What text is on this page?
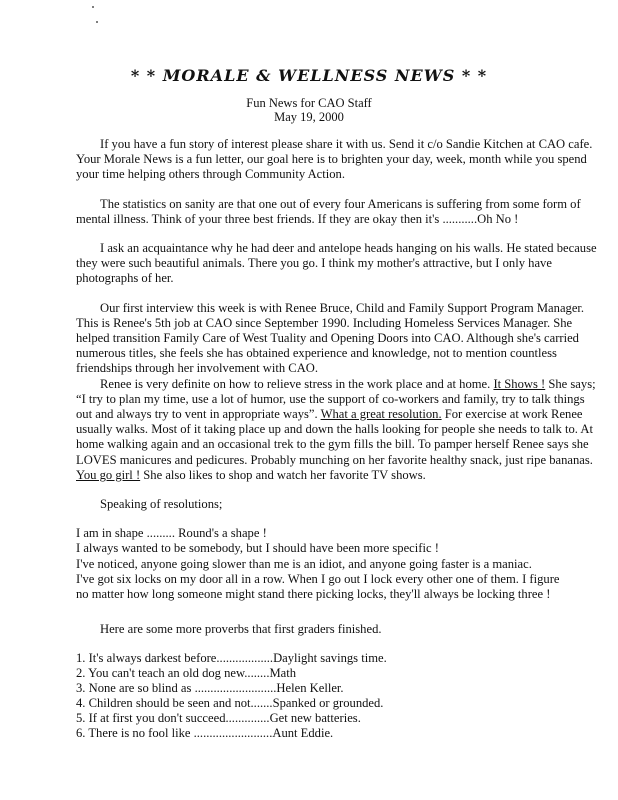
* * MORALE & WELLNESS NEWS * *
Fun News for CAO Staff
May 19, 2000

If you have a fun story of interest please share it with us. Send it c/o Sandie Kitchen at CAO cafe. Your Morale News is a fun letter, our goal here is to brighten your day, week, month while you spend your time helping others through Community Action.

The statistics on sanity are that one out of every four Americans is suffering from some form of mental illness. Think of your three best friends. If they are okay then it's ...........Oh No !

I ask an acquaintance why he had deer and antelope heads hanging on his walls. He stated because they were such beautiful animals. There you go. I think my mother's attractive, but I only have photographs of her.

Our first interview this week is with Renee Bruce, Child and Family Support Program Manager. This is Renee's 5th job at CAO since September 1990. Including Homeless Services Manager. She helped transition Family Care of West Tuality and Opening Doors into CAO. Although she's carried numerous titles, she feels she has obtained experience and knowledge, not to mention countless friendships through her involvement with CAO.

Renee is very definite on how to relieve stress in the work place and at home. It Shows ! She says; “I try to plan my time, use a lot of humor, use the support of co-workers and family, try to talk things out and always try to vent in appropriate ways”. What a great resolution. For exercise at work Renee usually walks. Most of it taking place up and down the halls looking for people she needs to talk to. At home walking again and an occasional trek to the gym fills the bill. To pamper herself Renee says she LOVES manicures and pedicures. Probably munching on her favorite healthy snack, just ripe bananas. You go girl ! She also likes to shop and watch her favorite TV shows.

Speaking of resolutions;

I am in shape ......... Round's a shape !
I always wanted to be somebody, but I should have been more specific !
I've noticed, anyone going slower than me is an idiot, and anyone going faster is a maniac.
I've got six locks on my door all in a row. When I go out I lock every other one of them. I figure
no matter how long someone might stand there picking locks, they'll always be locking three !

Here are some more proverbs that first graders finished.

1. It's always darkest before..................Daylight savings time.
2. You can't teach an old dog new........Math
3. None are so blind as ..........................Helen Keller.
4. Children should be seen and not.......Spanked or grounded.
5. If at first you don't succeed..............Get new batteries.
6. There is no fool like .........................Aunt Eddie.
